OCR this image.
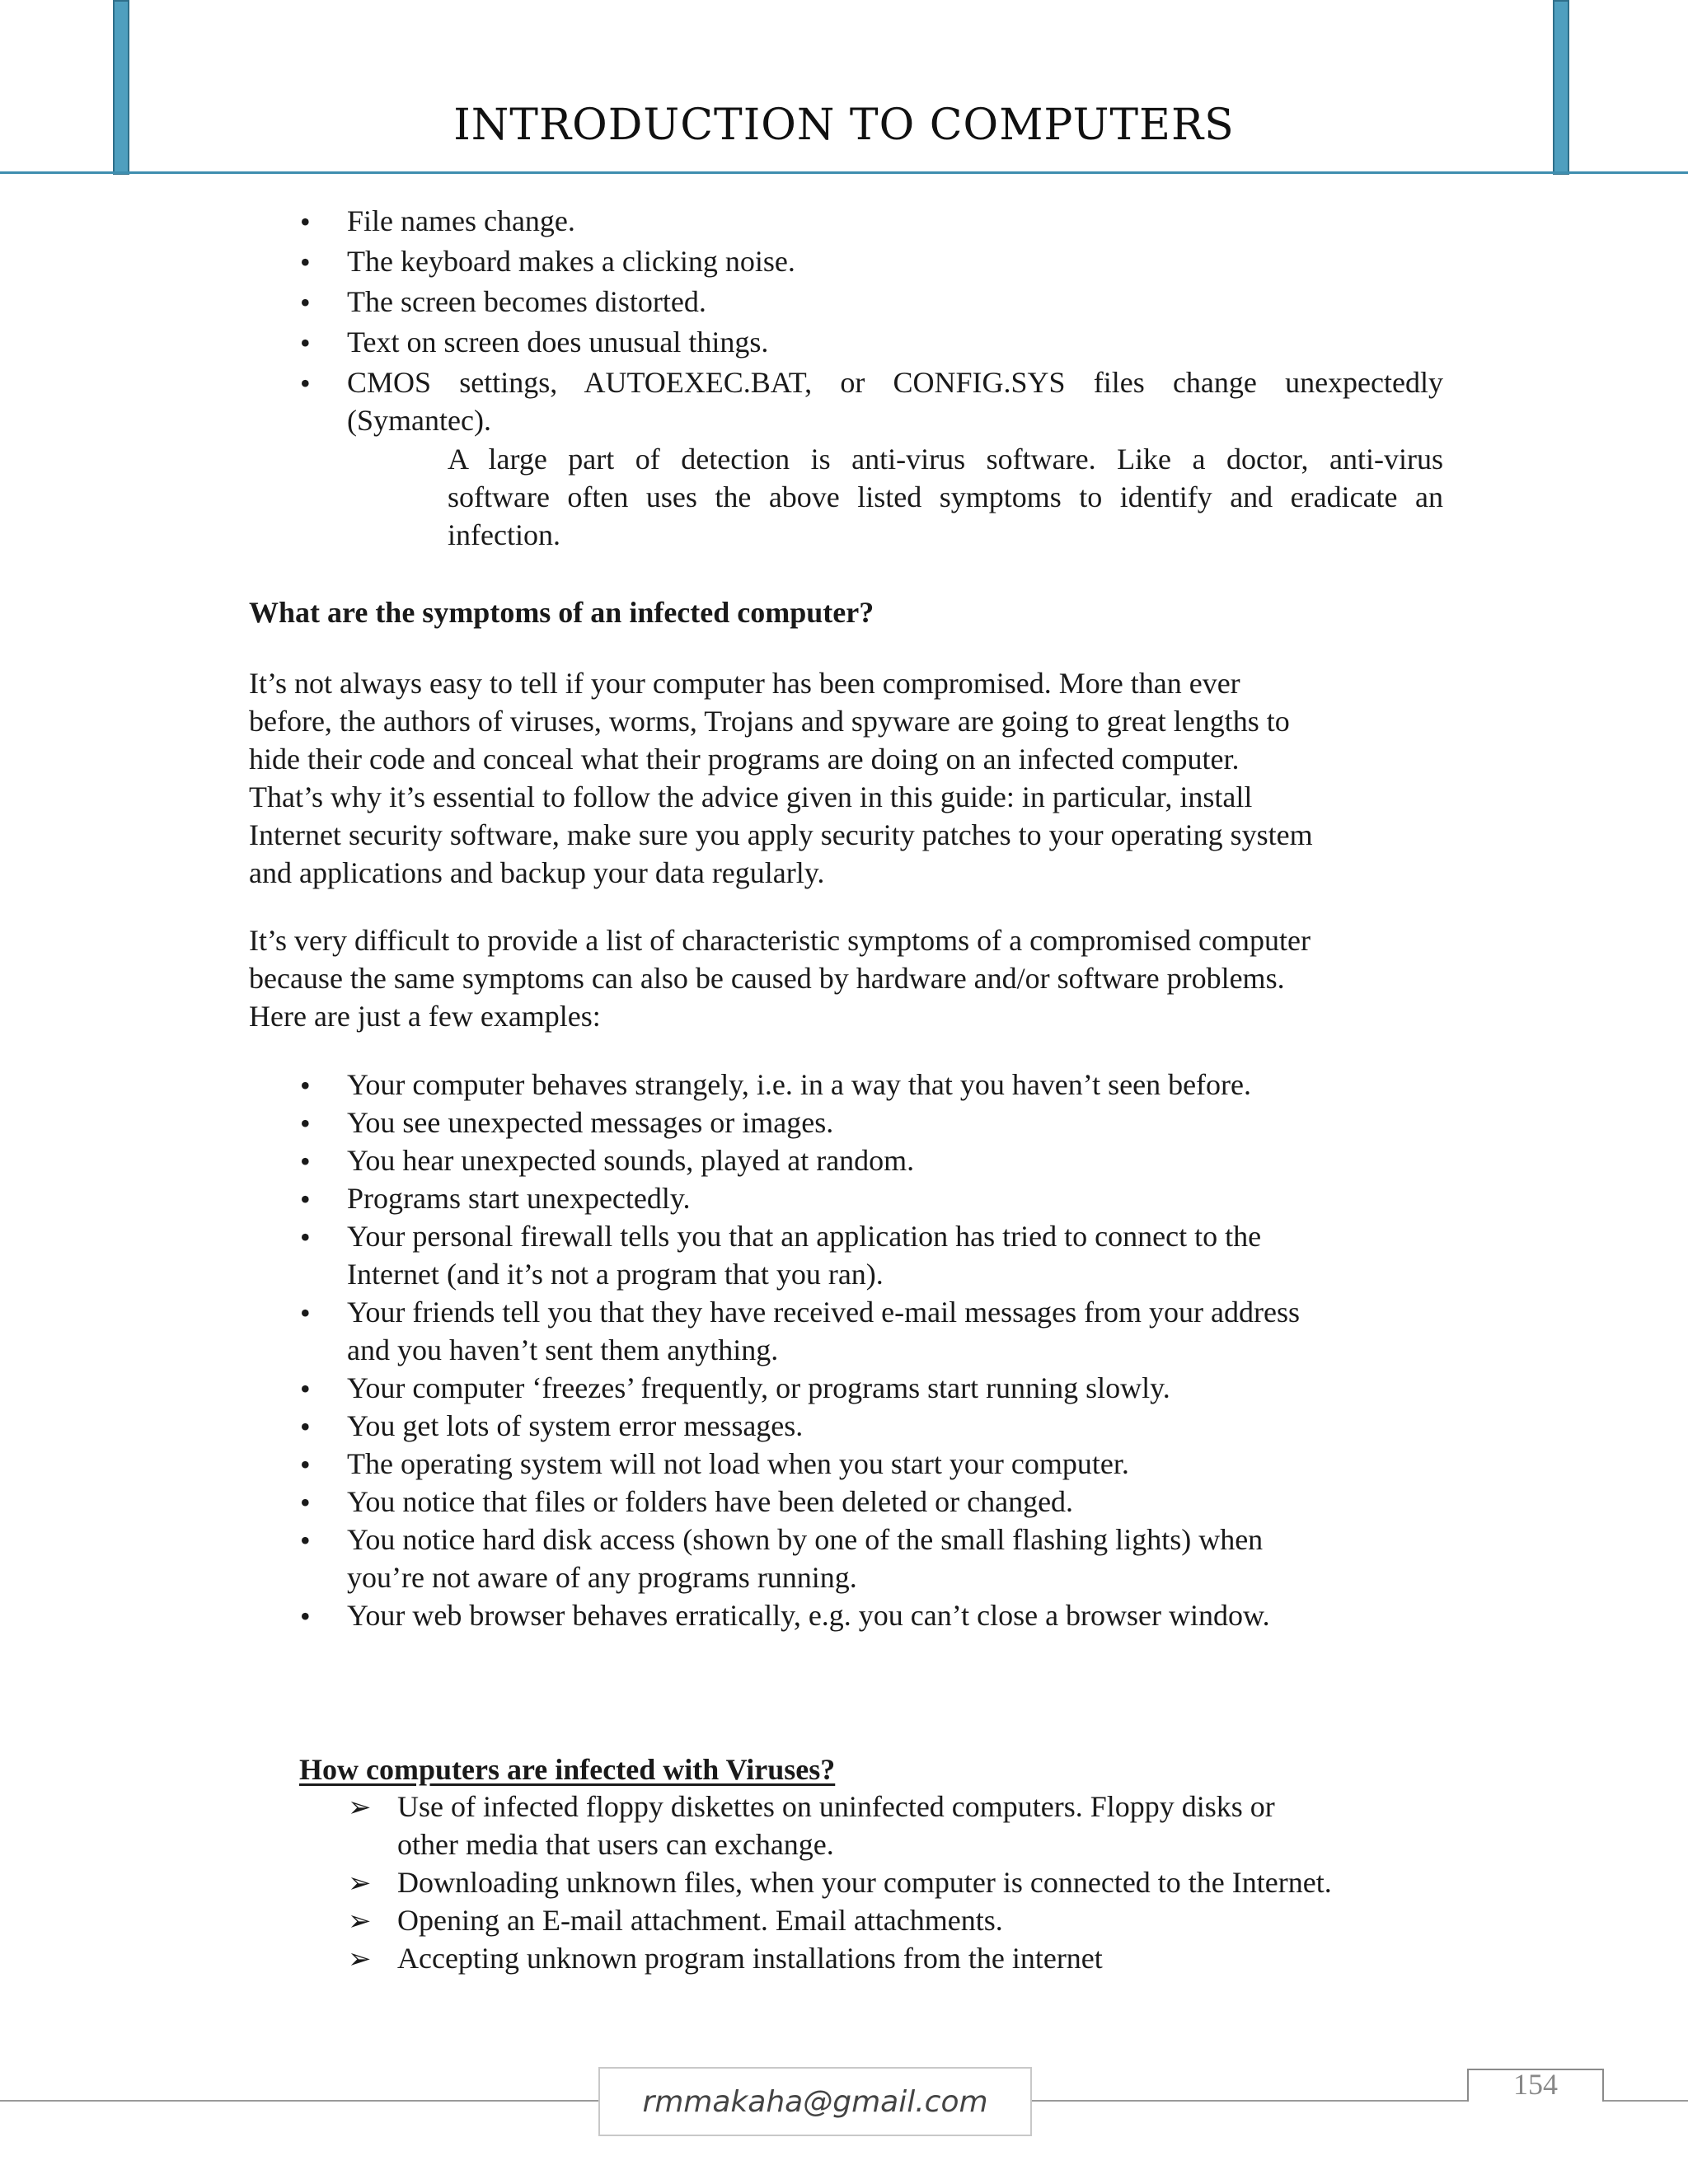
INTRODUCTION TO COMPUTERS
• File names change.
• The keyboard makes a clicking noise.
• The screen becomes distorted.
• Text on screen does unusual things.
• CMOS settings, AUTOEXEC.BAT, or CONFIG.SYS files change unexpectedly
(Symantec).
A large part of detection is anti-virus software. Like a doctor, anti-virus
software often uses the above listed symptoms to identify and eradicate an
infection.
What are the symptoms of an infected computer?
It’s not always easy to tell if your computer has been compromised. More than ever
before, the authors of viruses, worms, Trojans and spyware are going to great lengths to
hide their code and conceal what their programs are doing on an infected computer.
That’s why it’s essential to follow the advice given in this guide: in particular, install
Internet security software, make sure you apply security patches to your operating system
and applications and backup your data regularly.
It’s very difficult to provide a list of characteristic symptoms of a compromised computer
because the same symptoms can also be caused by hardware and/or software problems.
Here are just a few examples:
• Your computer behaves strangely, i.e. in a way that you haven’t seen before.
• You see unexpected messages or images.
• You hear unexpected sounds, played at random.
• Programs start unexpectedly.
• Your personal firewall tells you that an application has tried to connect to the
Internet (and it’s not a program that you ran).
• Your friends tell you that they have received e-mail messages from your address
and you haven’t sent them anything.
• Your computer ‘freezes’ frequently, or programs start running slowly.
• You get lots of system error messages.
• The operating system will not load when you start your computer.
• You notice that files or folders have been deleted or changed.
• You notice hard disk access (shown by one of the small flashing lights) when
you’re not aware of any programs running.
• Your web browser behaves erratically, e.g. you can’t close a browser window.
How computers are infected with Viruses?
➢ Use of infected floppy diskettes on uninfected computers. Floppy disks or
other media that users can exchange.
➢ Downloading unknown files, when your computer is connected to the Internet.
➢ Opening an E-mail attachment. Email attachments.
➢ Accepting unknown program installations from the internet
rmmakaha@gmail.com
154
